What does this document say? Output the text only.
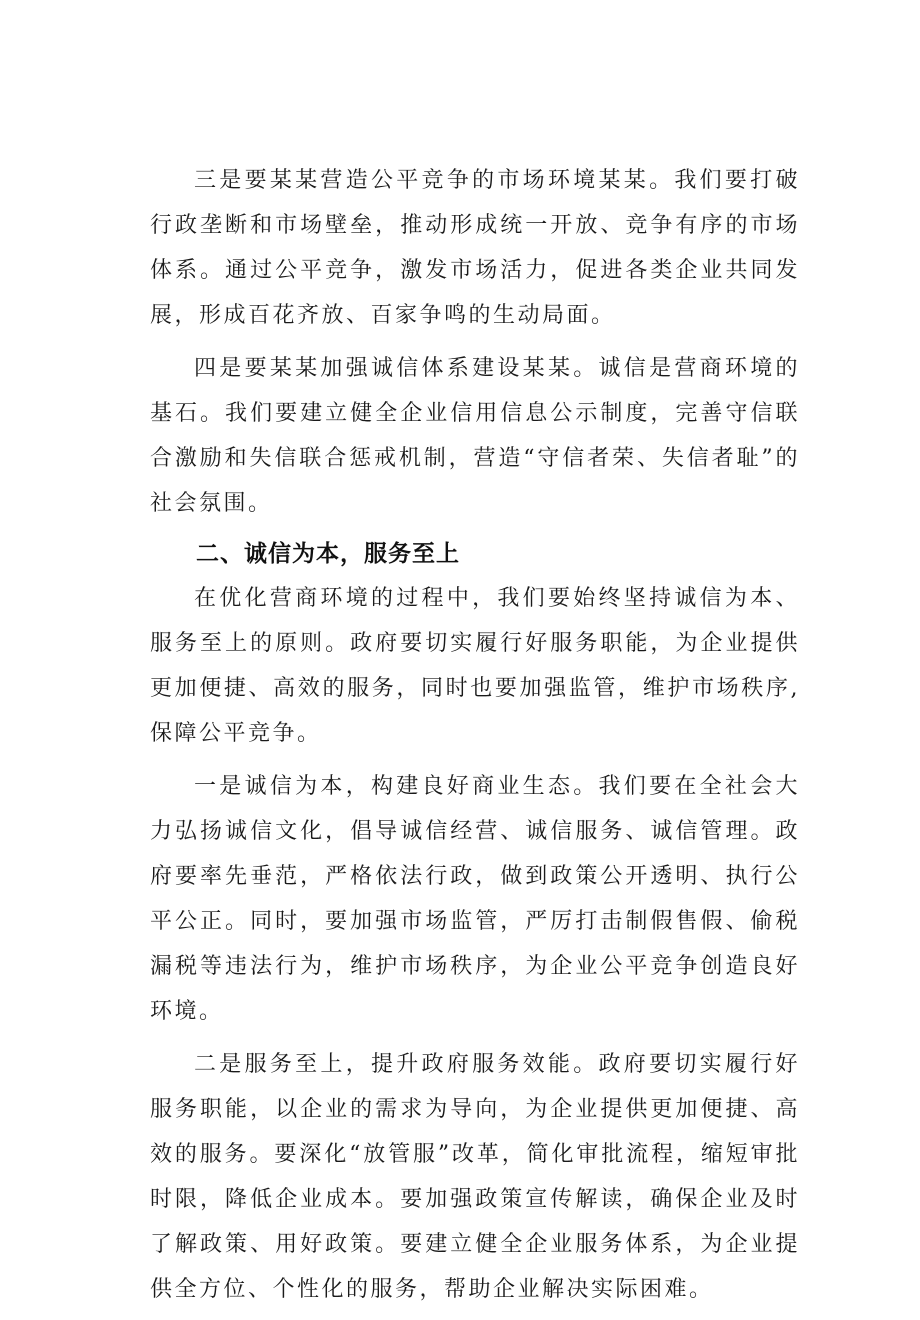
三是要某某营造公平竞争的市场环境某某。我们要打破行政垄断和市场壁垒，推动形成统一开放、竞争有序的市场体系。通过公平竞争，激发市场活力，促进各类企业共同发展，形成百花齐放、百家争鸣的生动局面。

四是要某某加强诚信体系建设某某。诚信是营商环境的基石。我们要建立健全企业信用信息公示制度，完善守信联合激励和失信联合惩戒机制，营造“守信者荣、失信者耻”的社会氛围。

二、诚信为本，服务至上

在优化营商环境的过程中，我们要始终坚持诚信为本、服务至上的原则。政府要切实履行好服务职能，为企业提供更加便捷、高效的服务，同时也要加强监管，维护市场秩序,保障公平竞争。

一是诚信为本，构建良好商业生态。我们要在全社会大力弘扬诚信文化，倡导诚信经营、诚信服务、诚信管理。政府要率先垂范，严格依法行政，做到政策公开透明、执行公平公正。同时，要加强市场监管，严厉打击制假售假、偷税漏税等违法行为，维护市场秩序，为企业公平竞争创造良好环境。

二是服务至上，提升政府服务效能。政府要切实履行好服务职能，以企业的需求为导向，为企业提供更加便捷、高效的服务。要深化“放管服”改革，简化审批流程，缩短审批时限，降低企业成本。要加强政策宣传解读，确保企业及时了解政策、用好政策。要建立健全企业服务体系，为企业提供全方位、个性化的服务，帮助企业解决实际困难。
